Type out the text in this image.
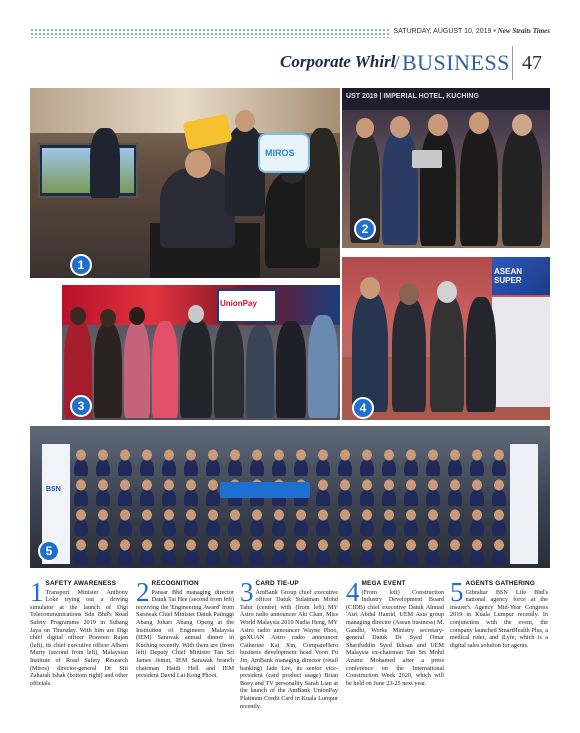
SATURDAY, AUGUST 10, 2019 • New Straits Times
Corporate Whirl
/ BUSINESS 47
MIROS
1
UST 2019 | IMPERIAL HOTEL, KUCHING
2
UnionPay
3
ASEAN SUPER
4
BSN
5
1 SAFETY AWARENESS
Transport Minister Anthony Loke trying out a driving simulator at the launch of Digi Telecommunications Sdn Bhd's Road Safety Programme 2019 in Subang Jaya on Thursday. With him are Digi chief digital officer Praveen Rajan (left), its chief executive officer Albern Murty (second from left), Malaysian Institute of Road Safety Research (Miros) director-general Dr Siti Zaharah Ishak (bottom right) and other officials.
2 RECOGNITION
Pansar Bhd managing director Datuk Tai Hee (second from left) receiving the 'Engineering Award' from Sarawak Chief Minister Datuk Patinggi Abang Johari Abang Openg at the Institution of Engineers Malaysia (IEM) Sarawak annual dinner in Kuching recently. With them are (from left) Deputy Chief Minister Tan Sri James Jemut, IEM Sarawak branch chairman Haidi Hell and IEM president David Lai Kong Phooi.
3 CARD TIE-UP
AmBank Group chief executive officer Datuk Sulaiman Mohd Tahir (centre) with (from left) MY Astro radio announcer Aki Chan, Miss World Malaysia 2010 Nadia Heng, MY Astro radio announcer Wayne Phoo, goXUAN Astro radio announcer Catherine Kai Xin, CompareHero business development head Voon Fu Jin, AmBank managing director (retail banking) Jade Lee, its senior vice-president (card product usage) Brian Boey and TV personality Sarah Lian at the launch of the AmBank UnionPay Platinum Credit Card in Kuala Lumpur recently.
4 MEGA EVENT
(From left) Construction Industry Development Board (CIDB) chief executive Datuk Ahmad 'Asri Abdul Hamid, UEM Asia group managing director (Asean business) M. Gandhi, Works Ministry secretary-general Datuk Dr Syed Omar Sharifuddin Syed Ikhsan and UEM Malaysia ex-chairman Tan Sri Mohd Azumi Mohamed after a press conference on the International Construction Week 2020, which will be held on June 23-25 next year.
5 AGENTS GATHERING
Gibraltar BSN Life Bhd's national agency force at the insurer's Agency Mid-Year Congress 2019 in Kuala Lumpur recently. In conjunction with the event, the company launched SmartHealth Plus, a medical rider, and iLyfe, which is a digital sales solution for agents.
